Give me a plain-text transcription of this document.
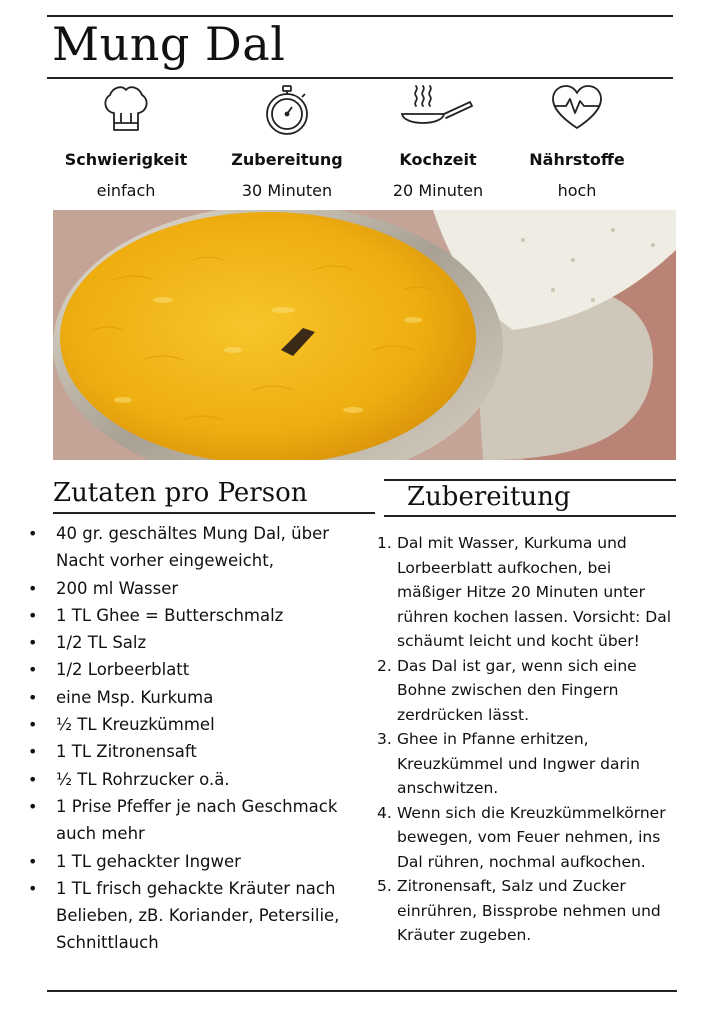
Mung Dal
Schwierigkeit
einfach
Zubereitung
30 Minuten
Kochzeit
20 Minuten
Nährstoffe
hoch
Zutaten pro Person	Zubereitung
• 40 gr. geschältes Mung Dal, über Nacht vorher eingeweicht,
• 200 ml Wasser
• 1 TL Ghee = Butterschmalz
• 1/2 TL Salz
• 1/2 Lorbeerblatt
• eine Msp. Kurkuma
• ½ TL Kreuzkümmel
• 1 TL Zitronensaft
• ½ TL Rohrzucker o.ä.
• 1 Prise Pfeffer je nach Geschmack auch mehr
• 1 TL gehackter Ingwer
• 1 TL frisch gehackte Kräuter nach Belieben, zB. Koriander, Petersilie, Schnittlauch
1. Dal mit Wasser, Kurkuma und Lorbeerblatt aufkochen, bei mäßiger Hitze 20 Minuten unter rühren kochen lassen. Vorsicht: Dal schäumt leicht und kocht über!
2. Das Dal ist gar, wenn sich eine Bohne zwischen den Fingern zerdrücken lässt.
3. Ghee in Pfanne erhitzen, Kreuzkümmel und Ingwer darin anschwitzen.
4. Wenn sich die Kreuzkümmelkörner bewegen, vom Feuer nehmen, ins Dal rühren, nochmal aufkochen.
5. Zitronensaft, Salz und Zucker einrühren, Bissprobe nehmen und Kräuter zugeben.
